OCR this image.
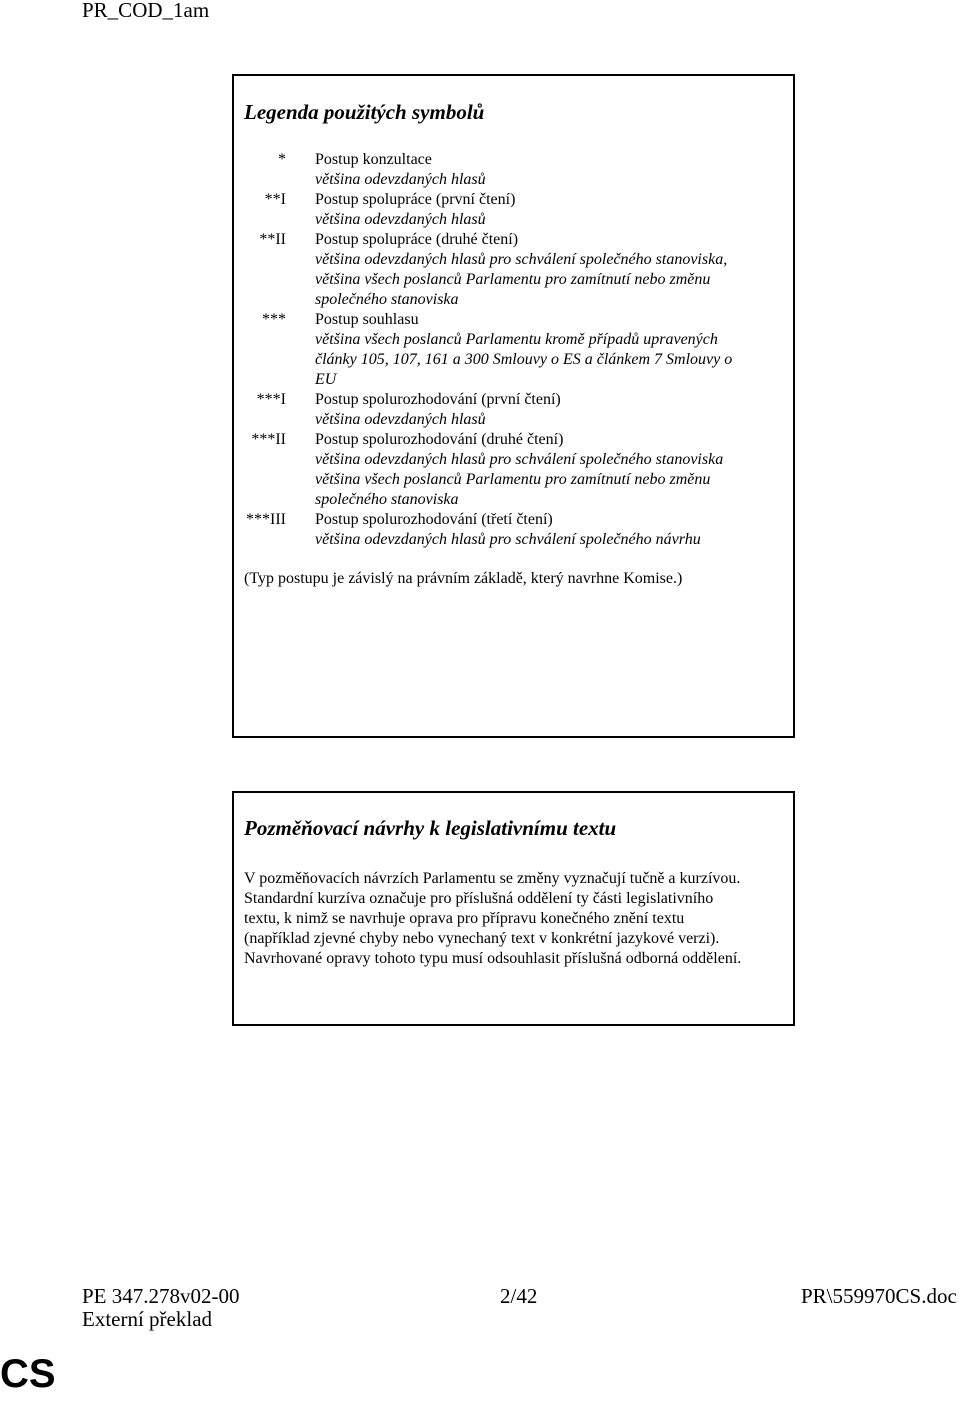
PR_COD_1am
Legenda použitých symbolů
* Postup konzultace
většina odevzdaných hlasů
**I Postup spolupráce (první čtení)
většina odevzdaných hlasů
**II Postup spolupráce (druhé čtení)
většina odevzdaných hlasů pro schválení společného stanoviska,
většina všech poslanců Parlamentu pro zamítnutí nebo změnu
společného stanoviska
*** Postup souhlasu
většina všech poslanců Parlamentu kromě případů upravených
články 105, 107, 161 a 300 Smlouvy o ES a článkem 7 Smlouvy o
EU
***I Postup spolurozhodování (první čtení)
většina odevzdaných hlasů
***II Postup spolurozhodování (druhé čtení)
většina odevzdaných hlasů pro schválení společného stanoviska
většina všech poslanců Parlamentu pro zamítnutí nebo změnu
společného stanoviska
***III Postup spolurozhodování (třetí čtení)
většina odevzdaných hlasů pro schválení společného návrhu
(Typ postupu je závislý na právním základě, který navrhne Komise.)
Pozměňovací návrhy k legislativnímu textu
V pozměňovacích návrzích Parlamentu se změny vyznačují tučně a kurzívou.
Standardní kurzíva označuje pro příslušná oddělení ty části legislativního
textu, k nimž se navrhuje oprava pro přípravu konečného znění textu
(například zjevné chyby nebo vynechaný text v konkrétní jazykové verzi).
Navrhované opravy tohoto typu musí odsouhlasit příslušná odborná oddělení.
PE 347.278v02-00	2/42	PR\559970CS.doc
Externí překlad
CS
